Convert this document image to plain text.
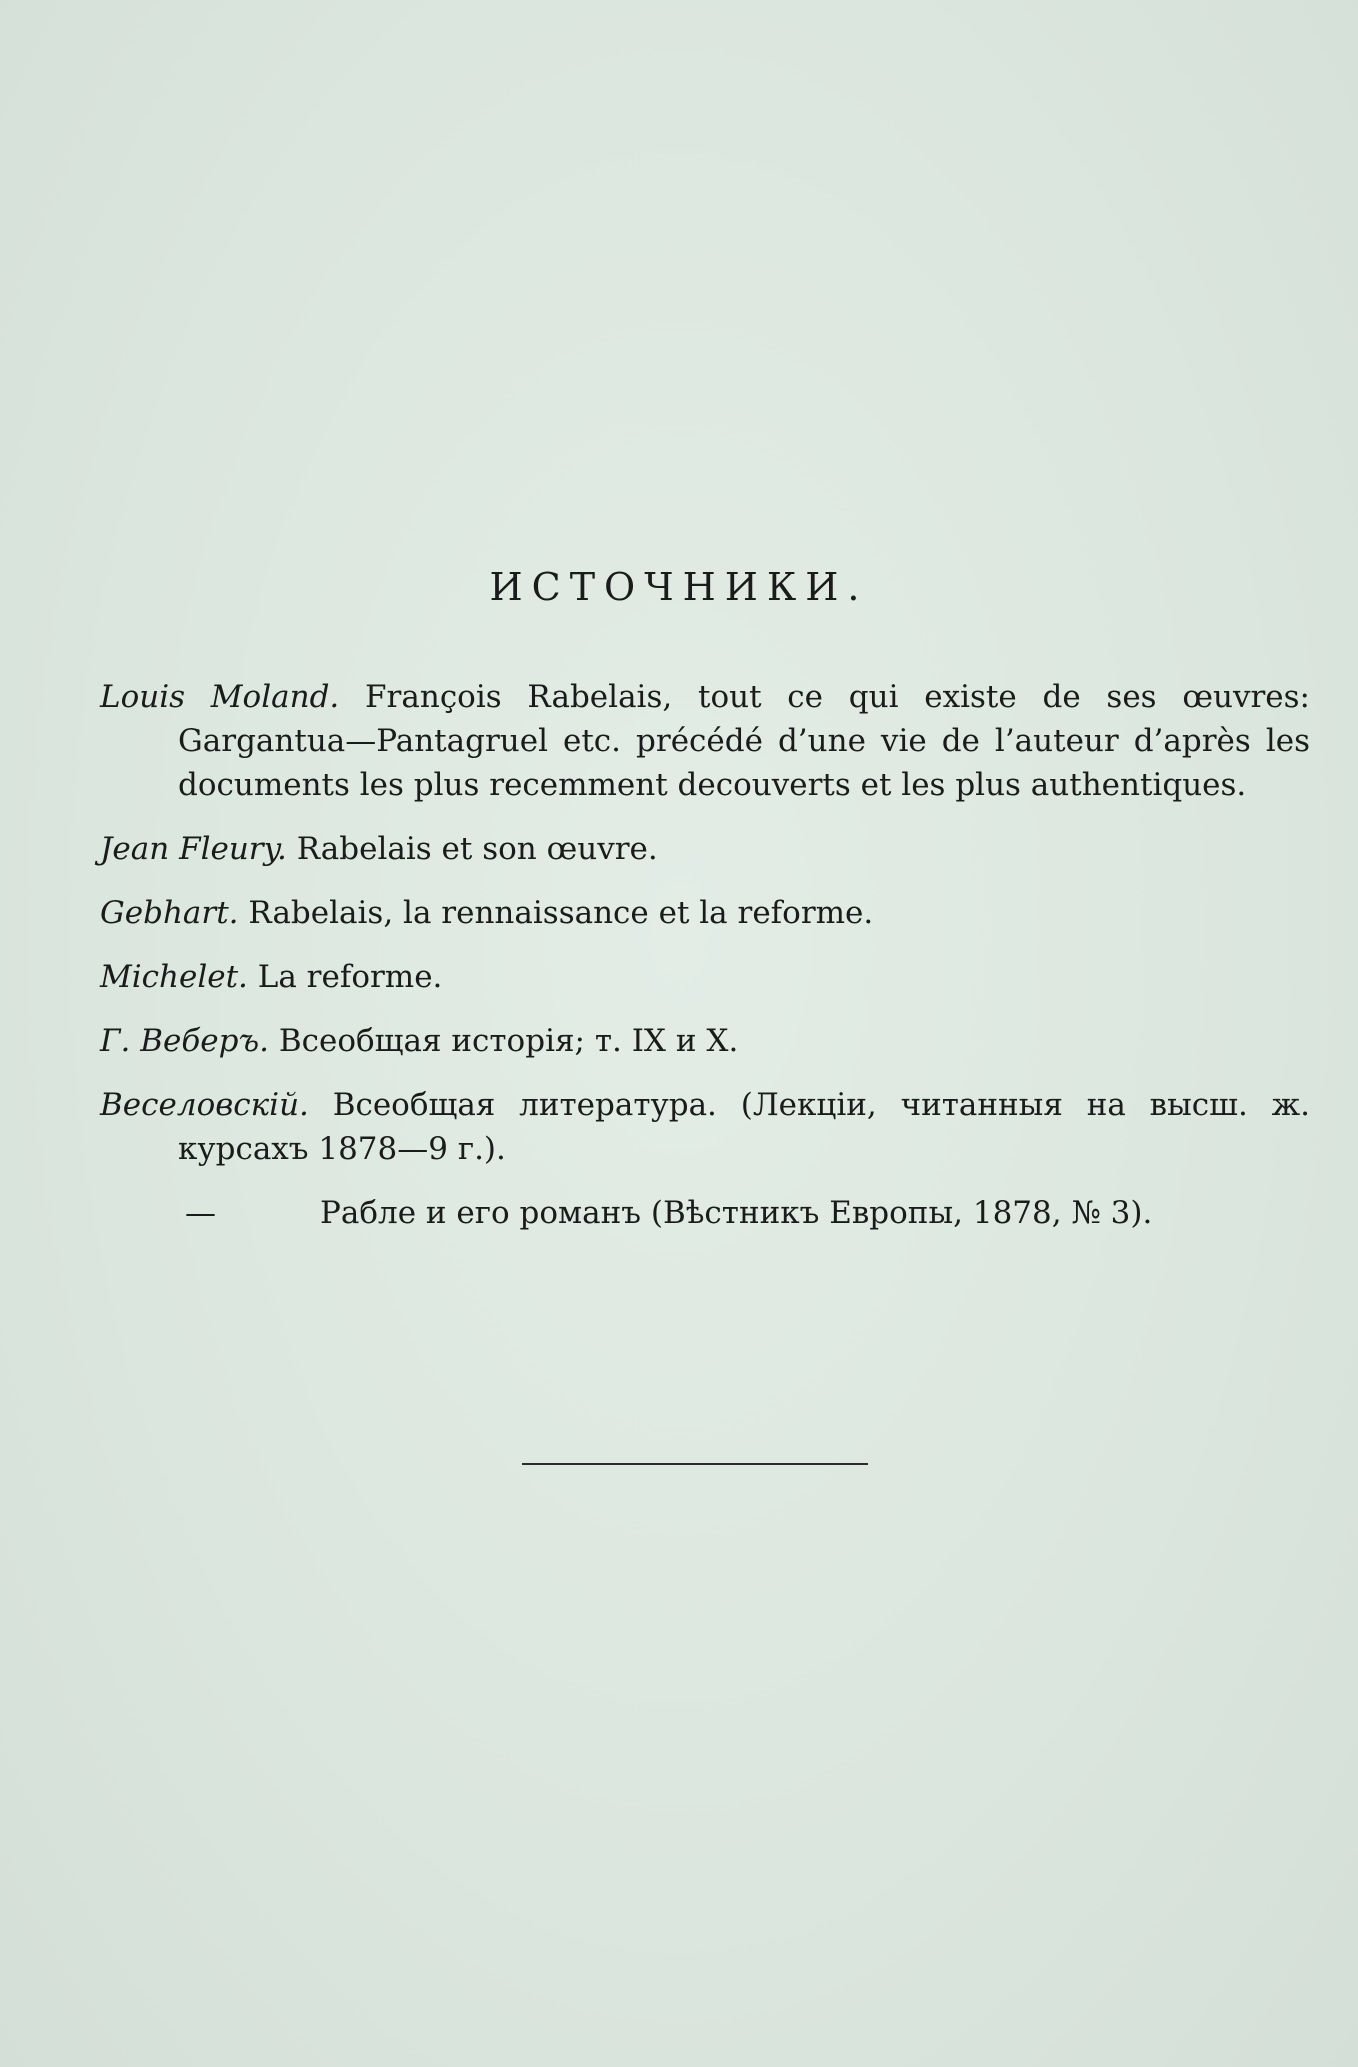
ИСТОЧНИКИ.

Louis Moland. François Rabelais, tout ce qui existe de ses œuvres: Gargantua—Pantagruel etc. précédé d’une vie de l’auteur d’après les documents les plus recemment decouverts et les plus authentiques.

Jean Fleury. Rabelais et son œuvre.

Gebhart. Rabelais, la rennaissance et la reforme.

Michelet. La reforme.

Г. Веберъ. Всеобщая исторія; т. IX и X.

Веселовскій. Всеобщая литература. (Лекціи, читанныя на высш. ж. курсахъ 1878—9 г.).

—	Рабле и его романъ (Вѣстникъ Европы, 1878, № 3).
